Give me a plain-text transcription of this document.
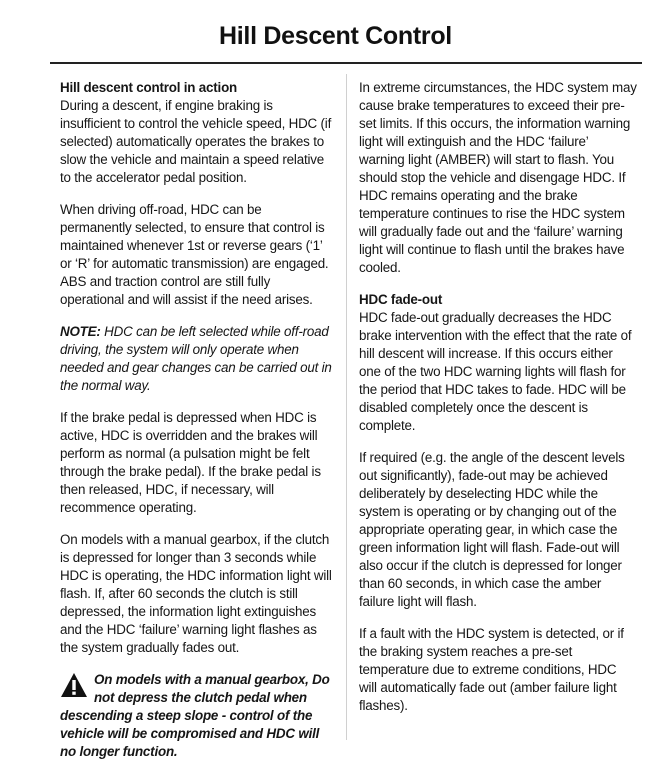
Hill Descent Control
Hill descent control in action

During a descent, if engine braking is insufficient to control the vehicle speed, HDC (if selected) automatically operates the brakes to slow the vehicle and maintain a speed relative to the accelerator pedal position.

When driving off-road, HDC can be permanently selected, to ensure that control is maintained whenever 1st or reverse gears (‘1’ or ‘R’ for automatic transmission) are engaged. ABS and traction control are still fully operational and will assist if the need arises.

NOTE: HDC can be left selected while off-road driving, the system will only operate when needed and gear changes can be carried out in the normal way.

If the brake pedal is depressed when HDC is active, HDC is overridden and the brakes will perform as normal (a pulsation might be felt through the brake pedal). If the brake pedal is then released, HDC, if necessary, will recommence operating.

On models with a manual gearbox, if the clutch is depressed for longer than 3 seconds while HDC is operating, the HDC information light will flash. If, after 60 seconds the clutch is still depressed, the information light extinguishes and the HDC ‘failure’ warning light flashes as the system gradually fades out.

On models with a manual gearbox, Do not depress the clutch pedal when descending a steep slope - control of the vehicle will be compromised and HDC will no longer function.

In extreme circumstances, the HDC system may cause brake temperatures to exceed their pre-set limits. If this occurs, the information warning light will extinguish and the HDC ‘failure’ warning light (AMBER) will start to flash. You should stop the vehicle and disengage HDC. If HDC remains operating and the brake temperature continues to rise the HDC system will gradually fade out and the ‘failure’ warning light will continue to flash until the brakes have cooled.

HDC fade-out

HDC fade-out gradually decreases the HDC brake intervention with the effect that the rate of hill descent will increase. If this occurs either one of the two HDC warning lights will flash for the period that HDC takes to fade. HDC will be disabled completely once the descent is complete.

If required (e.g. the angle of the descent levels out significantly), fade-out may be achieved deliberately by deselecting HDC while the system is operating or by changing out of the appropriate operating gear, in which case the green information light will flash. Fade-out will also occur if the clutch is depressed for longer than 60 seconds, in which case the amber failure light will flash.

If a fault with the HDC system is detected, or if the braking system reaches a pre-set temperature due to extreme conditions, HDC will automatically fade out (amber failure light flashes).
